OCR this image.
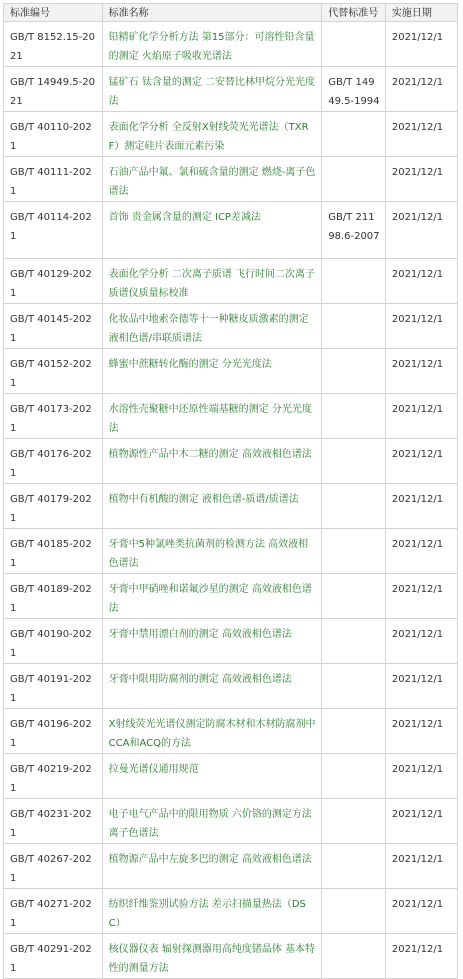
标准编号	标准名称	代替标准号	实施日期
GB/T 8152.15-2021	铅精矿化学分析方法 第15部分：可溶性铅含量的测定 火焰原子吸收光谱法		2021/12/1
GB/T 14949.5-2021	锰矿石 钛含量的测定 二安替比林甲烷分光光度法	GB/T 14949.5-1994	2021/12/1
GB/T 40110-2021	表面化学分析 全反射X射线荧光光谱法（TXRF）测定硅片表面元素污染		2021/12/1
GB/T 40111-2021	石油产品中氟、氯和硫含量的测定 燃烧-离子色谱法		2021/12/1
GB/T 40114-2021	首饰 贵金属含量的测定 ICP差减法	GB/T 21198.6-2007	2021/12/1
GB/T 40129-2021	表面化学分析 二次离子质谱 飞行时间二次离子质谱仪质量标校准		2021/12/1
GB/T 40145-2021	化妆品中地索奈德等十一种糖皮质激素的测定 液相色谱/串联质谱法		2021/12/1
GB/T 40152-2021	蜂蜜中蔗糖转化酶的测定 分光光度法		2021/12/1
GB/T 40173-2021	水溶性壳聚糖中还原性端基糖的测定 分光光度法		2021/12/1
GB/T 40176-2021	植物源性产品中木二糖的测定 高效液相色谱法		2021/12/1
GB/T 40179-2021	植物中有机酸的测定 液相色谱-质谱/质谱法		2021/12/1
GB/T 40185-2021	牙膏中5种氯唑类抗菌剂的检测方法 高效液相色谱法		2021/12/1
GB/T 40189-2021	牙膏中甲硝唑和诺氟沙星的测定 高效液相色谱法		2021/12/1
GB/T 40190-2021	牙膏中禁用漂白剂的测定 高效液相色谱法		2021/12/1
GB/T 40191-2021	牙膏中限用防腐剂的测定 高效液相色谱法		2021/12/1
GB/T 40196-2021	X射线荧光光谱仪测定防腐木材和木材防腐剂中CCA和ACQ的方法		2021/12/1
GB/T 40219-2021	拉曼光谱仪通用规范		2021/12/1
GB/T 40231-2021	电子电气产品中的限用物质 六价铬的测定方法 离子色谱法		2021/12/1
GB/T 40267-2021	植物源产品中左旋多巴的测定 高效液相色谱法		2021/12/1
GB/T 40271-2021	纺织纤维鉴别试验方法 差示扫描量热法（DSC）		2021/12/1
GB/T 40291-2021	核仪器仪表 辐射探测器用高纯度锗晶体 基本特性的测量方法		2021/12/1
